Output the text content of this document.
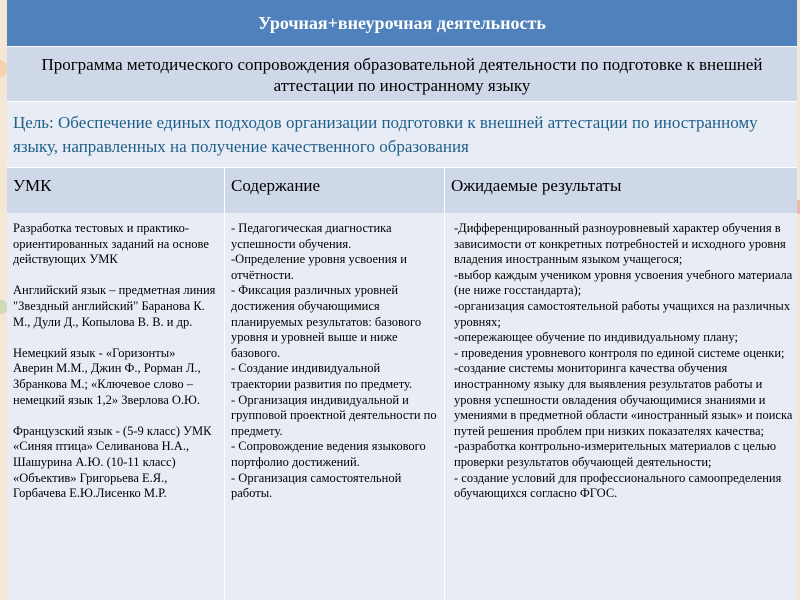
Урочная+внеурочная деятельность
Программа методического сопровождения образовательной деятельности по подготовке к внешней аттестации по иностранному языку
Цель: Обеспечение единых подходов организации подготовки к внешней аттестации по иностранному языку, направленных на получение качественного образования
УМК	Содержание	Ожидаемые результаты
Разработка тестовых и практико-ориентированных заданий на основе действующих УМК

Английский язык – предметная линия "Звездный английский" Баранова К. М., Дули Д., Копылова В. В. и др.

Немецкий язык - «Горизонты» Аверин М.М., Джин Ф., Рорман Л., Збранкова М.; «Ключевое слово – немецкий язык 1,2» Зверлова О.Ю.

Французский язык - (5-9 класс) УМК «Синяя птица» Селиванова Н.А., Шашурина А.Ю. (10-11 класс) «Объектив» Григорьева Е.Я., Горбачева Е.Ю.Лисенко М.Р.
- Педагогическая диагностика успешности обучения.
-Определение уровня усвоения и отчётности.
- Фиксация различных уровней достижения обучающимися планируемых результатов: базового уровня и уровней выше и ниже базового.
- Создание индивидуальной траектории развития по предмету.
- Организация индивидуальной и групповой проектной деятельности по предмету.
- Сопровождение ведения языкового портфолио достижений.
- Организация самостоятельной работы.
-Дифференцированный разноуровневый характер обучения в зависимости от конкретных потребностей и исходного уровня владения иностранным языком учащегося;
-выбор каждым учеником уровня усвоения учебного материала (не ниже госстандарта);
-организация самостоятельной работы учащихся на различных уровнях;
-опережающее обучение по индивидуальному плану;
- проведения уровневого контроля по единой системе оценки;
-создание системы мониторинга качества обучения иностранному языку для выявления результатов работы и уровня успешности овладения обучающимися знаниями и умениями в предметной области «иностранный язык» и поиска путей решения проблем при низких показателях качества;
-разработка контрольно-измерительных материалов с целью проверки результатов обучающей деятельности;
- создание условий для профессионального самоопределения обучающихся согласно ФГОС.
